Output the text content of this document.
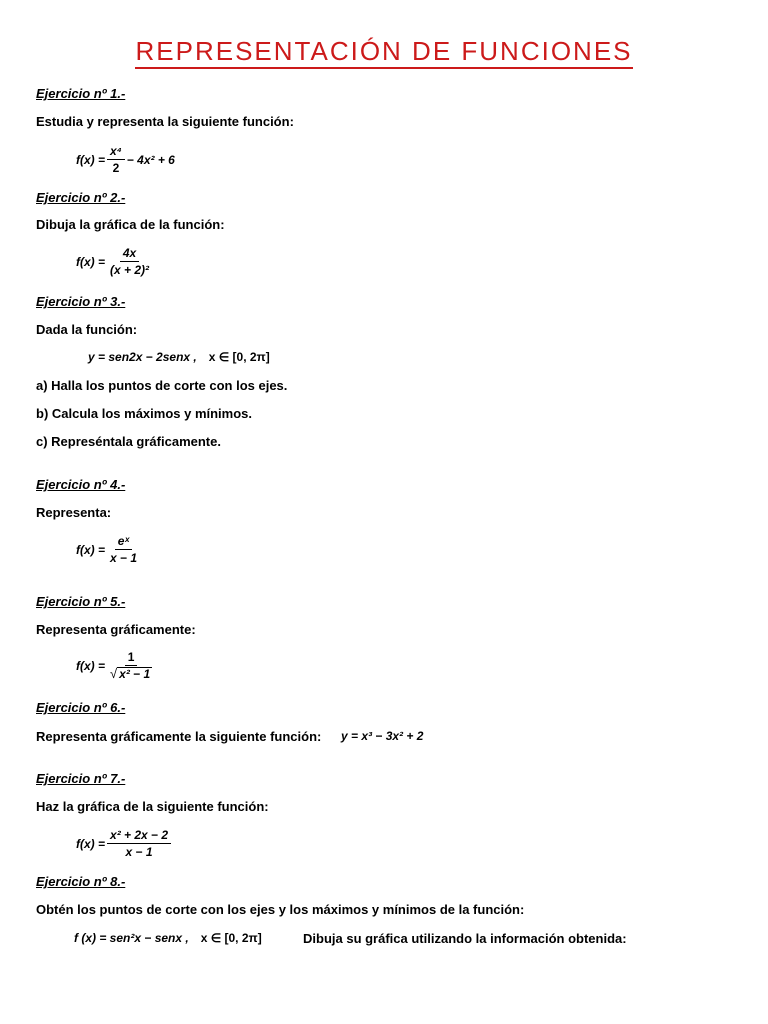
REPRESENTACIÓN DE FUNCIONES
Ejercicio nº 1.-
Estudia y representa la siguiente función:
$f(x) = \frac{\text{x⁴}}{2} - 4x^2 + 6$
Ejercicio nº 2.-
Dibuja la gráfica de la función:
$f(x) = \frac{4x}{\text{(x + 2)²}}$
Ejercicio nº 3.-
Dada la función:
y = sen2x − 2senx , x ∈ [0, 2π]
a) Halla los puntos de corte con los ejes.
b) Calcula los máximos y mínimos.
c) Represéntala gráficamente.
Ejercicio nº 4.-
Representa:
$f(x) = \frac{\text{eˣ}}{x - 1}$
Ejercicio nº 5.-
Representa gráficamente:
$f(x) = \frac{1}{\text{√ x² − 1}}$
Ejercicio nº 6.-
Representa gráficamente la siguiente función: y = x³ − 3x² + 2
Ejercicio nº 7.-
Haz la gráfica de la siguiente función:
$f(x) = \frac{\text{x² + 2x − 2}}{x - 1}$
Ejercicio nº 8.-
Obtén los puntos de corte con los ejes y los máximos y mínimos de la función:
f (x) = sen²x − senx , x ∈ [0, 2π]	Dibuja su gráfica utilizando la información obtenida:
